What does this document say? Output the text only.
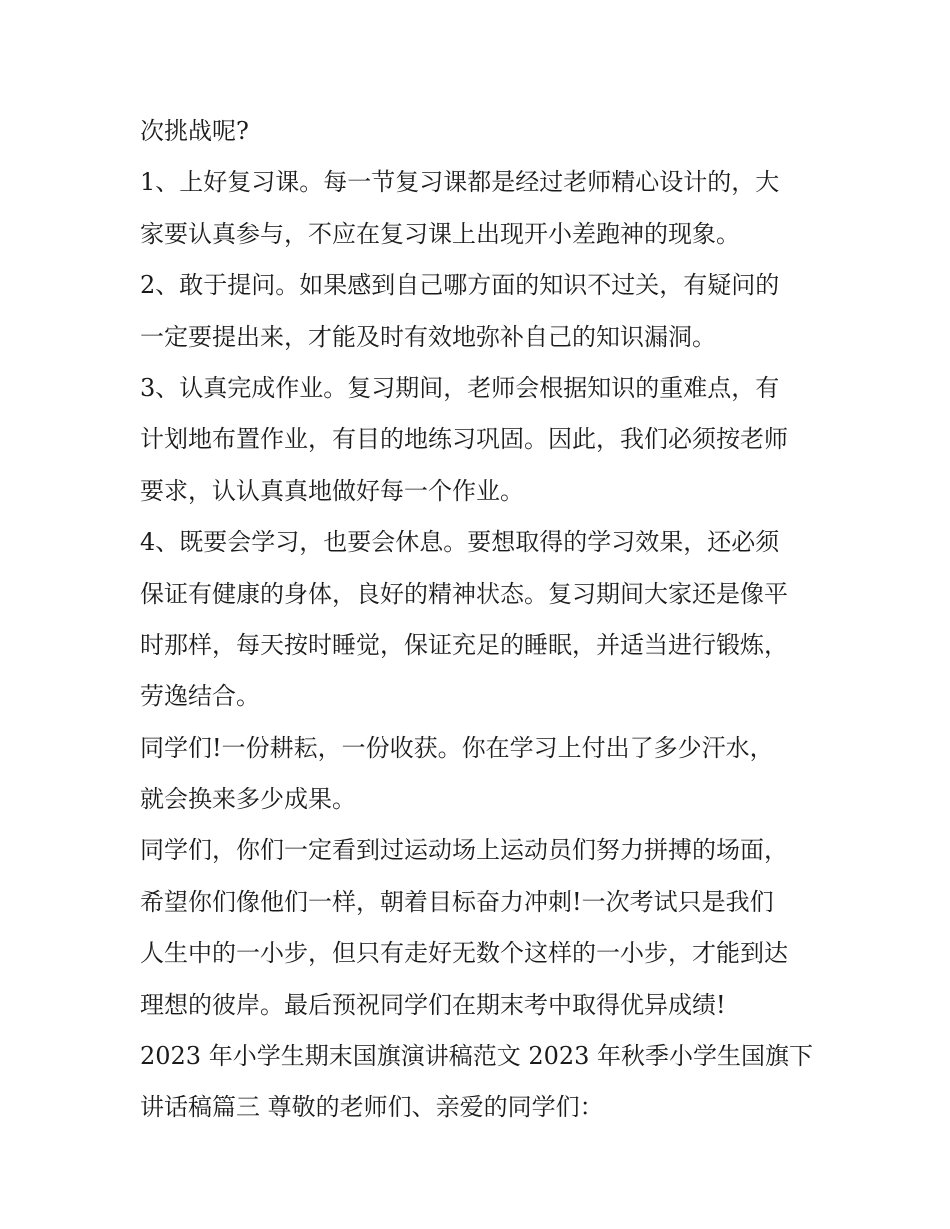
次挑战呢?
1、上好复习课。每一节复习课都是经过老师精心设计的，大
家要认真参与，不应在复习课上出现开小差跑神的现象。
2、敢于提问。如果感到自己哪方面的知识不过关，有疑问的
一定要提出来，才能及时有效地弥补自己的知识漏洞。
3、认真完成作业。复习期间，老师会根据知识的重难点，有
计划地布置作业，有目的地练习巩固。因此，我们必须按老师
要求，认认真真地做好每一个作业。
4、既要会学习，也要会休息。要想取得的学习效果，还必须
保证有健康的身体，良好的精神状态。复习期间大家还是像平
时那样，每天按时睡觉，保证充足的睡眠，并适当进行锻炼，
劳逸结合。
同学们!一份耕耘，一份收获。你在学习上付出了多少汗水，
就会换来多少成果。
同学们，你们一定看到过运动场上运动员们努力拼搏的场面，
希望你们像他们一样，朝着目标奋力冲刺!一次考试只是我们
人生中的一小步，但只有走好无数个这样的一小步，才能到达
理想的彼岸。最后预祝同学们在期末考中取得优异成绩!
2023 年小学生期末国旗演讲稿范文 2023 年秋季小学生国旗下
讲话稿篇三 尊敬的老师们、亲爱的同学们：
